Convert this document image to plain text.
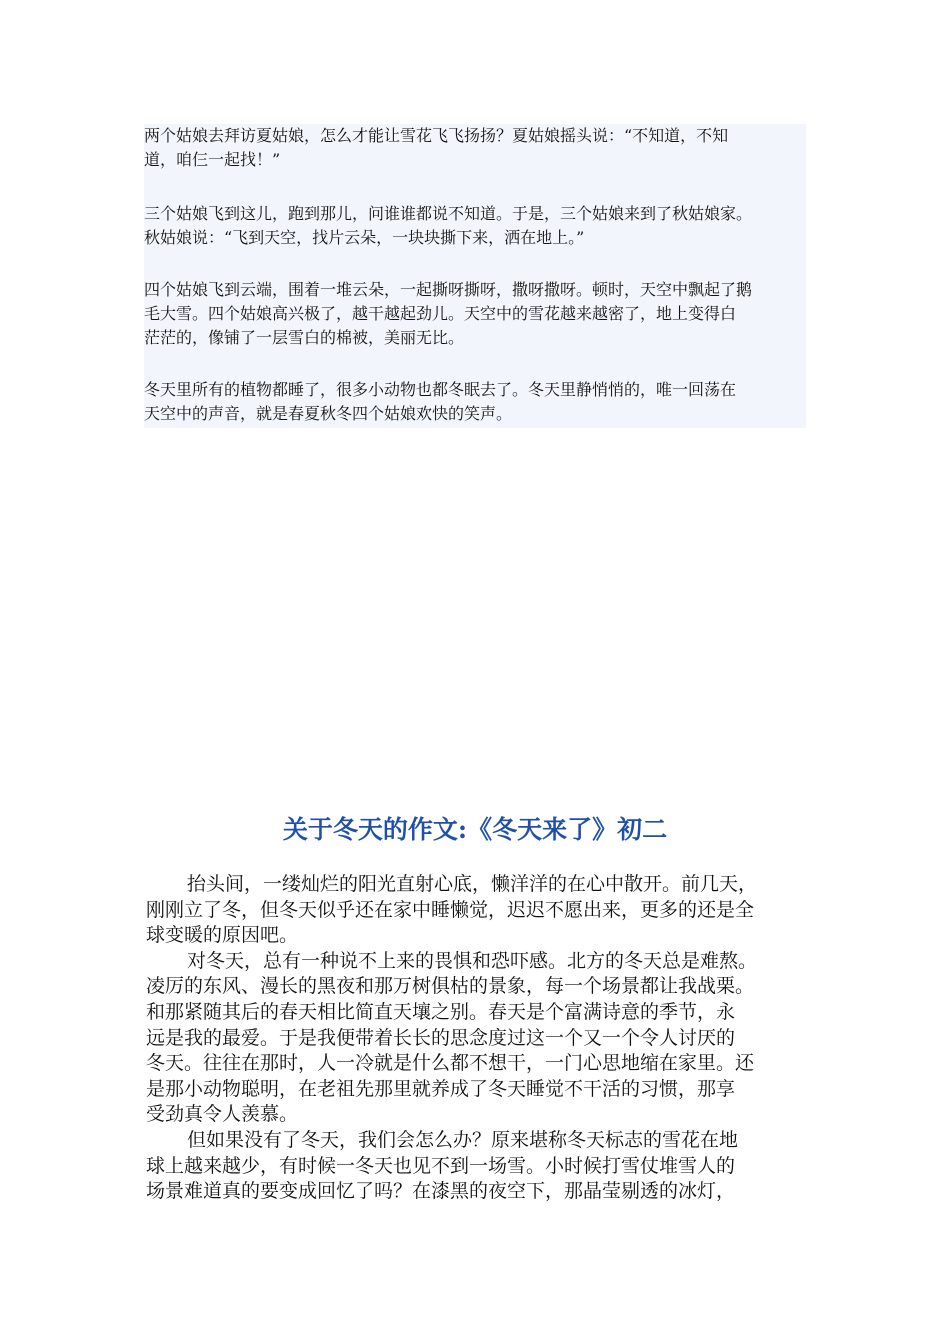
两个姑娘去拜访夏姑娘，怎么才能让雪花飞飞扬扬？夏姑娘摇头说：“不知道，不知
道，咱仨一起找！”

三个姑娘飞到这儿，跑到那儿，问谁谁都说不知道。于是，三个姑娘来到了秋姑娘家。
秋姑娘说：“飞到天空，找片云朵，一块块撕下来，洒在地上。”

四个姑娘飞到云端，围着一堆云朵，一起撕呀撕呀，撒呀撒呀。顿时，天空中飘起了鹅
毛大雪。四个姑娘高兴极了，越干越起劲儿。天空中的雪花越来越密了，地上变得白
茫茫的，像铺了一层雪白的棉被，美丽无比。

冬天里所有的植物都睡了，很多小动物也都冬眠去了。冬天里静悄悄的，唯一回荡在
天空中的声音，就是春夏秋冬四个姑娘欢快的笑声。

关于冬天的作文:《冬天来了》初二
抬头间，一缕灿烂的阳光直射心底，懒洋洋的在心中散开。前几天，
刚刚立了冬，但冬天似乎还在家中睡懒觉，迟迟不愿出来，更多的还是全
球变暖的原因吧。
对冬天，总有一种说不上来的畏惧和恐吓感。北方的冬天总是难熬。
凌厉的东风、漫长的黑夜和那万树俱枯的景象，每一个场景都让我战栗。
和那紧随其后的春天相比简直天壤之别。春天是个富满诗意的季节，永
远是我的最爱。于是我便带着长长的思念度过这一个又一个令人讨厌的
冬天。往往在那时，人一冷就是什么都不想干，一门心思地缩在家里。还
是那小动物聪明，在老祖先那里就养成了冬天睡觉不干活的习惯，那享
受劲真令人羡慕。
但如果没有了冬天，我们会怎么办？原来堪称冬天标志的雪花在地
球上越来越少，有时候一冬天也见不到一场雪。小时候打雪仗堆雪人的
场景难道真的要变成回忆了吗？在漆黑的夜空下，那晶莹剔透的冰灯，
